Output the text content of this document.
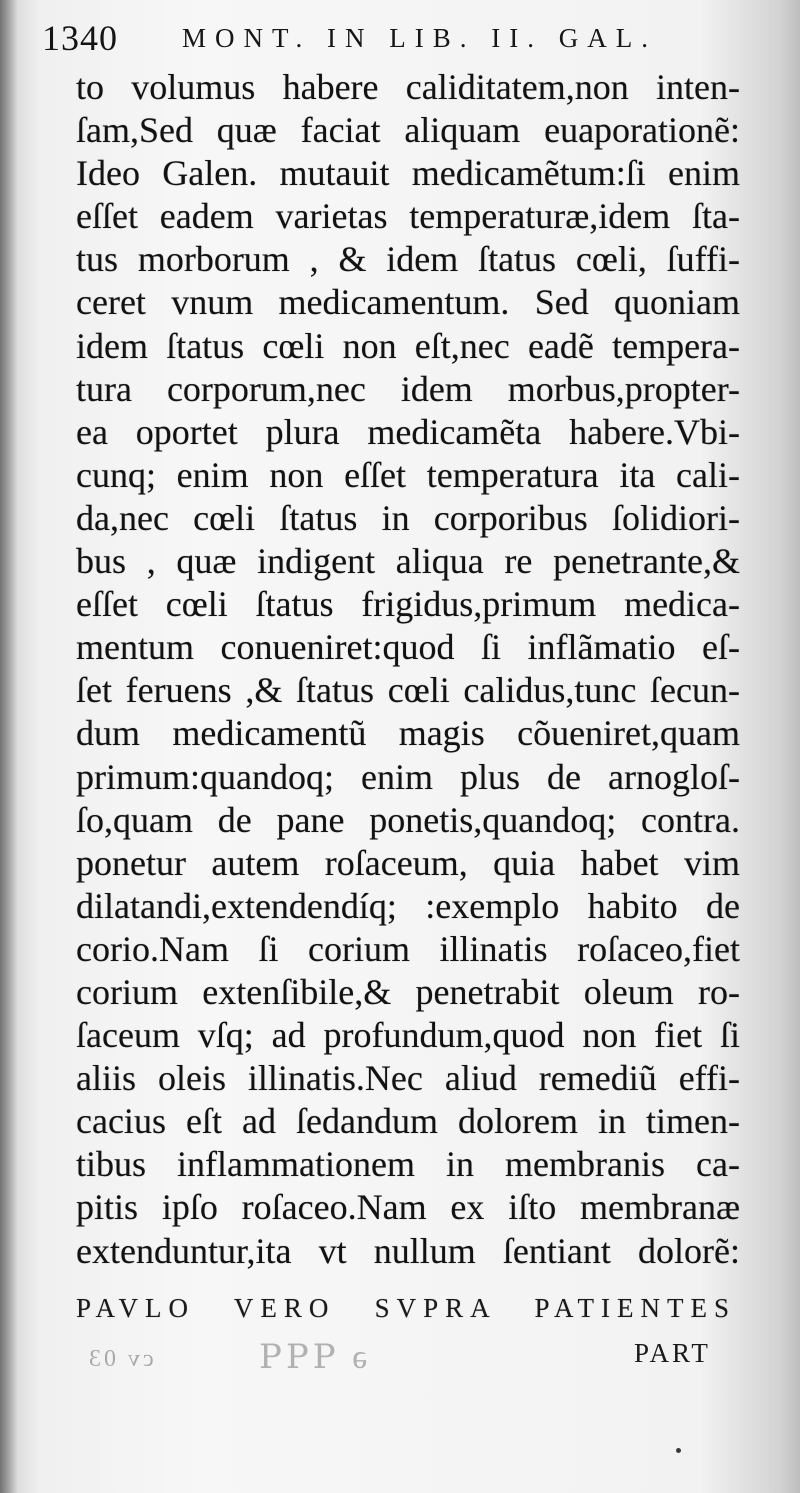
1340 MONT. IN LIB. II. GAL.
to volumus habere caliditatem,non inten-
ſam,Sed quæ faciat aliquam euaporationẽ:
Ideo Galen. mutauit medicamẽtum:ſi enim
eſſet eadem varietas temperaturæ,idem ſta-
tus morborum , & idem ſtatus cœli, ſuffi-
ceret vnum medicamentum. Sed quoniam
idem ſtatus cœli non eſt,nec eadẽ tempera-
tura corporum,nec idem morbus,propter-
ea oportet plura medicamẽta habere.Vbi-
cunq; enim non eſſet temperatura ita cali-
da,nec cœli ſtatus in corporibus ſolidiori-
bus , quæ indigent aliqua re penetrante,&
eſſet cœli ſtatus frigidus,primum medica-
mentum conueniret:quod ſi inflãmatio eſ-
ſet feruens ,& ſtatus cœli calidus,tunc ſecun-
dum medicamentũ magis cõueniret,quam
primum:quandoq; enim plus de arnogloſ-
ſo,quam de pane ponetis,quandoq; contra.
ponetur autem roſaceum, quia habet vim
dilatandi,extendendíq; :exemplo habito de
corio.Nam ſi corium illinatis roſaceo,fiet
corium extenſibile,& penetrabit oleum ro-
ſaceum vſq; ad profundum,quod non fiet ſi
aliis oleis illinatis.Nec aliud remediũ effi-
cacius eſt ad ſedandum dolorem in timen-
tibus inflammationem in membranis ca-
pitis ipſo roſaceo.Nam ex iſto membranæ
extenduntur,ita vt nullum ſentiant dolorẽ:
PAVLO VERO SVPRA PATIENTES
PART
cv 03	ǝ ꟼꟼꟼ
